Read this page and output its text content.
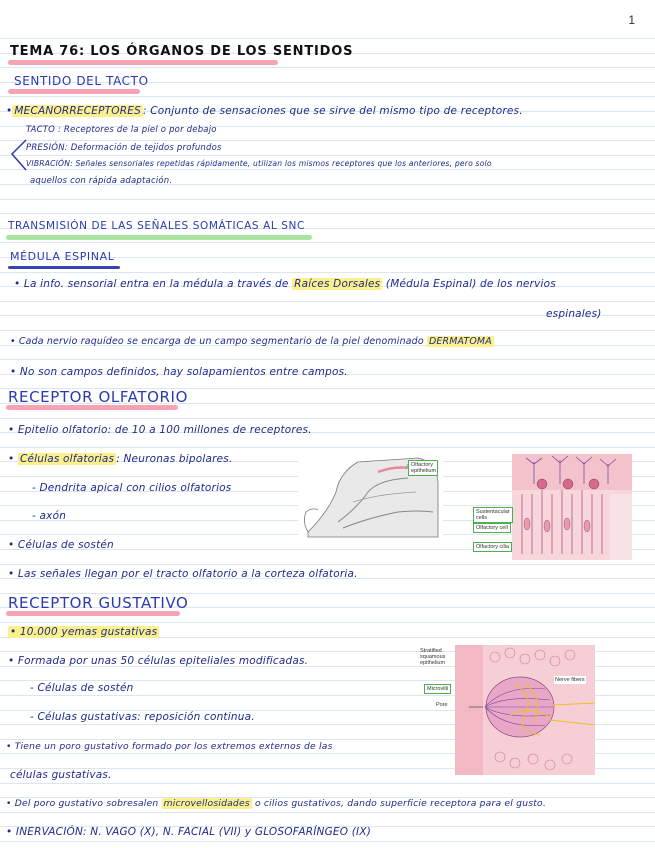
1
TEMA 76: LOS ÓRGANOS DE LOS SENTIDOS
SENTIDO DEL TACTO
• MECANORRECEPTORES : Conjunto de sensaciones que se sirve del mismo tipo de receptores.
TACTO : Receptores de la piel o por debajo
PRESIÓN: Deformación de tejidos profundos
VIBRACIÓN: Señales sensoriales repetidas rápidamente, utilizan los mismos receptores que los anteriores, pero solo
aquellos con rápida adaptación.
TRANSMISIÓN DE LAS SEÑALES SOMÁTICAS AL SNC
MÉDULA ESPINAL
• La info. sensorial entra en la médula a través de Raíces Dorsales (Médula Espinal) de los nervios
espinales)
• Cada nervio raquídeo se encarga de un campo segmentario de la piel denominado DERMATOMA
• No son campos definidos, hay solapamientos entre campos.
RECEPTOR OLFATORIO
• Epitelio olfatorio: de 10 a 100 millones de receptores.
• Células olfatorias : Neuronas bipolares.
- Dendrita apical con cilios olfatorios
- axón
• Células de sostén
• Las señales llegan por el tracto olfatorio a la corteza olfatoria.
Olfactory epithelium
Sustentacular cells
Olfactory cell
Olfactory cilia
RECEPTOR GUSTATIVO
• 10.000 yemas gustativas
• Formada por unas 50 células epiteliales modificadas.
- Células de sostén
- Células gustativas: reposición continua.
• Tiene un poro gustativo formado por los extremos externos de las
células gustativas.
• Del poro gustativo sobresalen microvellosidades o cilios gustativos, dando superficie receptora para el gusto.
• INERVACIÓN: N. VAGO (X), N. FACIAL (VII) y GLOSOFARÍNGEO (IX)
Stratified squamous epithelium
Microvilli
Pore
Nerve fibers
